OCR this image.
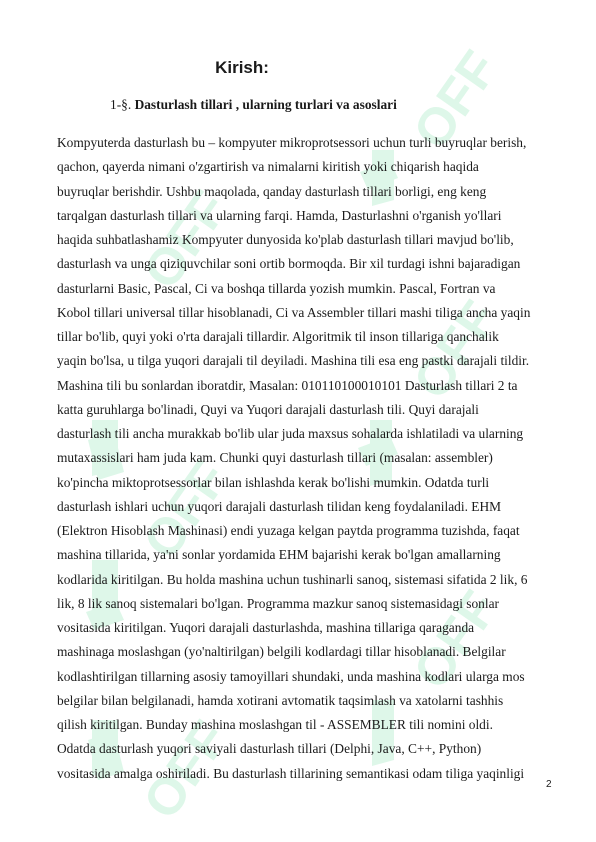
OFF
OFF
OFF
OFF
OFF
OFF
Kirish:
1-§. Dasturlash tillari , ularning turlari va asoslari
Kompyuterda dasturlash bu – kompyuter mikroprotsessori uchun turli buyruqlar berish,
qachon, qayerda nimani o'zgartirish va nimalarni kiritish yoki chiqarish haqida
buyruqlar berishdir. Ushbu maqolada, qanday dasturlash tillari borligi, eng keng
tarqalgan dasturlash tillari va ularning farqi. Hamda, Dasturlashni o'rganish yo'llari
haqida suhbatlashamiz Kompyuter dunyosida ko'plab dasturlash tillari mavjud bo'lib,
dasturlash va unga qiziquvchilar soni ortib bormoqda. Bir xil turdagi ishni bajaradigan
dasturlarni Basic, Pascal, Ci va boshqa tillarda yozish mumkin. Pascal, Fortran va
Kobol tillari universal tillar hisoblanadi, Ci va Assembler tillari mashi tiliga ancha yaqin
tillar bo'lib, quyi yoki o'rta darajali tillardir. Algoritmik til inson tillariga qanchalik
yaqin bo'lsa, u tilga yuqori darajali til deyiladi. Mashina tili esa eng pastki darajali tildir.
Mashina tili bu sonlardan iboratdir, Masalan: 010110100010101 Dasturlash tillari 2 ta
katta guruhlarga bo'linadi, Quyi va Yuqori darajali dasturlash tili. Quyi darajali
dasturlash tili ancha murakkab bo'lib ular juda maxsus sohalarda ishlatiladi va ularning
mutaxassislari ham juda kam. Chunki quyi dasturlash tillari (masalan: assembler)
ko'pincha miktoprotsessorlar bilan ishlashda kerak bo'lishi mumkin. Odatda turli
dasturlash ishlari uchun yuqori darajali dasturlash tilidan keng foydalaniladi. EHM
(Elektron Hisoblash Mashinasi) endi yuzaga kelgan paytda programma tuzishda, faqat
mashina tillarida, ya'ni sonlar yordamida EHM bajarishi kerak bo'lgan amallarning
kodlarida kiritilgan. Bu holda mashina uchun tushinarli sanoq, sistemasi sifatida 2 lik, 6
lik, 8 lik sanoq sistemalari bo'lgan. Programma mazkur sanoq sistemasidagi sonlar
vositasida kiritilgan. Yuqori darajali dasturlashda, mashina tillariga qaraganda
mashinaga moslashgan (yo'naltirilgan) belgili kodlardagi tillar hisoblanadi. Belgilar
kodlashtirilgan tillarning asosiy tamoyillari shundaki, unda mashina kodlari ularga mos
belgilar bilan belgilanadi, hamda xotirani avtomatik taqsimlash va xatolarni tashhis
qilish kiritilgan. Bunday mashina moslashgan til - ASSEMBLER tili nomini oldi.
Odatda dasturlash yuqori saviyali dasturlash tillari (Delphi, Java, C++, Python)
vositasida amalga oshiriladi. Bu dasturlash tillarining semantikasi odam tiliga yaqinligi
2
